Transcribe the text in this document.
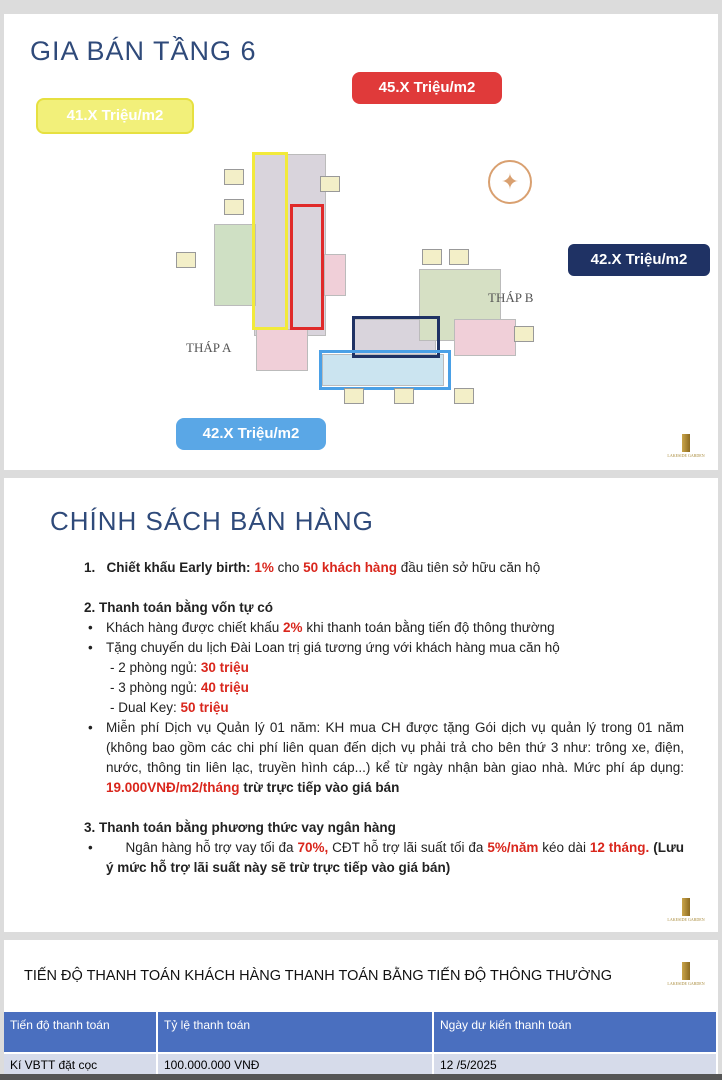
GIA BÁN TẦNG 6
45.X Triệu/m2
41.X Triệu/m2
42.X Triệu/m2
42.X Triệu/m2
THÁP A
THÁP B
✦
LAKESIDE GARDEN
CHÍNH SÁCH BÁN HÀNG
1. Chiết khấu Early birth: 1% cho 50 khách hàng đầu tiên sở hữu căn hộ
2. Thanh toán bằng vốn tự có
• Khách hàng được chiết khấu 2% khi thanh toán bằng tiến độ thông thường
• Tặng chuyến du lịch Đài Loan trị giá tương ứng với khách hàng mua căn hộ
- 2 phòng ngủ: 30 triệu
- 3 phòng ngủ: 40 triệu
- Dual Key: 50 triệu
• Miễn phí Dịch vụ Quản lý 01 năm: KH mua CH được tặng Gói dịch vụ quản lý trong 01 năm (không bao gồm các chi phí liên quan đến dịch vụ phải trả cho bên thứ 3 như: trông xe, điện, nước, thông tin liên lạc, truyền hình cáp...) kể từ ngày nhận bàn giao nhà. Mức phí áp dụng: 19.000VNĐ/m2/tháng trừ trực tiếp vào giá bán
3. Thanh toán bằng phương thức vay ngân hàng
• Ngân hàng hỗ trợ vay tối đa 70%, CĐT hỗ trợ lãi suất tối đa 5%/năm kéo dài 12 tháng. (Lưu ý mức hỗ trợ lãi suất này sẽ trừ trực tiếp vào giá bán)
LAKESIDE GARDEN
TIẾN ĐỘ THANH TOÁN KHÁCH HÀNG THANH TOÁN BẰNG TIẾN ĐỘ THÔNG THƯỜNG	LAKESIDE GARDEN
Tiến độ thanh toán	Tỷ lệ thanh toán	Ngày dự kiến thanh toán
Kí VBTT đặt cọc	100.000.000 VNĐ	12 /5/2025
